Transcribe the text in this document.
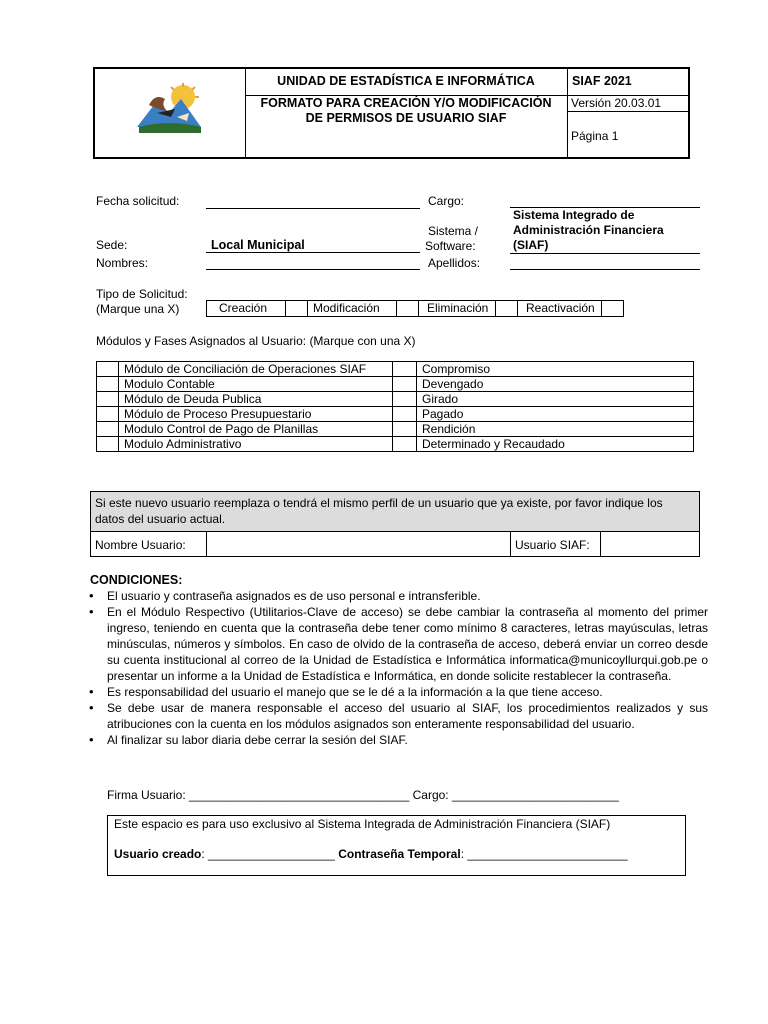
UNIDAD DE ESTADÍSTICA E INFORMÁTICA
FORMATO PARA CREACIÓN Y/O MODIFICACIÓN DE PERMISOS DE USUARIO SIAF
SIAF 2021
Versión 20.03.01
Página 1
Fecha solicitud:	Cargo:
Sede:	Local Municipal
Sistema /
Software:
Sistema Integrado de Administración Financiera (SIAF)
Nombres:	Apellidos:
Tipo de Solicitud:
(Marque una X)	Creación	Modificación	Eliminación	Reactivación
Módulos y Fases Asignados al Usuario: (Marque con una X)
	Módulo de Conciliación de Operaciones SIAF		Compromiso
	Modulo Contable		Devengado
	Módulo de Deuda Publica		Girado
	Módulo de Proceso Presupuestario		Pagado
	Modulo Control de Pago de Planillas		Rendición
	Modulo Administrativo		Determinado y Recaudado
Si este nuevo usuario reemplaza o tendrá el mismo perfil de un usuario que ya existe, por favor indique los datos del usuario actual.
Nombre Usuario:	Usuario SIAF:
CONDICIONES:
• El usuario y contraseña asignados es de uso personal e intransferible.
• En el Módulo Respectivo (Utilitarios-Clave de acceso) se debe cambiar la contraseña al momento del primer ingreso, teniendo en cuenta que la contraseña debe tener como mínimo 8 caracteres, letras mayúsculas, letras minúsculas, números y símbolos. En caso de olvido de la contraseña de acceso, deberá enviar un correo desde su cuenta institucional al correo de la Unidad de Estadística e Informática informatica@municoyllurqui.gob.pe o presentar un informe a la Unidad de Estadística e Informática, en donde solicite restablecer la contraseña.
• Es responsabilidad del usuario el manejo que se le dé a la información a la que tiene acceso.
• Se debe usar de manera responsable el acceso del usuario al SIAF, los procedimientos realizados y sus atribuciones con la cuenta en los módulos asignados son enteramente responsabilidad del usuario.
• Al finalizar su labor diaria debe cerrar la sesión del SIAF.
Firma Usuario: _________________________________ Cargo: _________________________
Este espacio es para uso exclusivo al Sistema Integrada de Administración Financiera (SIAF)
Usuario creado: ___________________ Contraseña Temporal: ________________________
